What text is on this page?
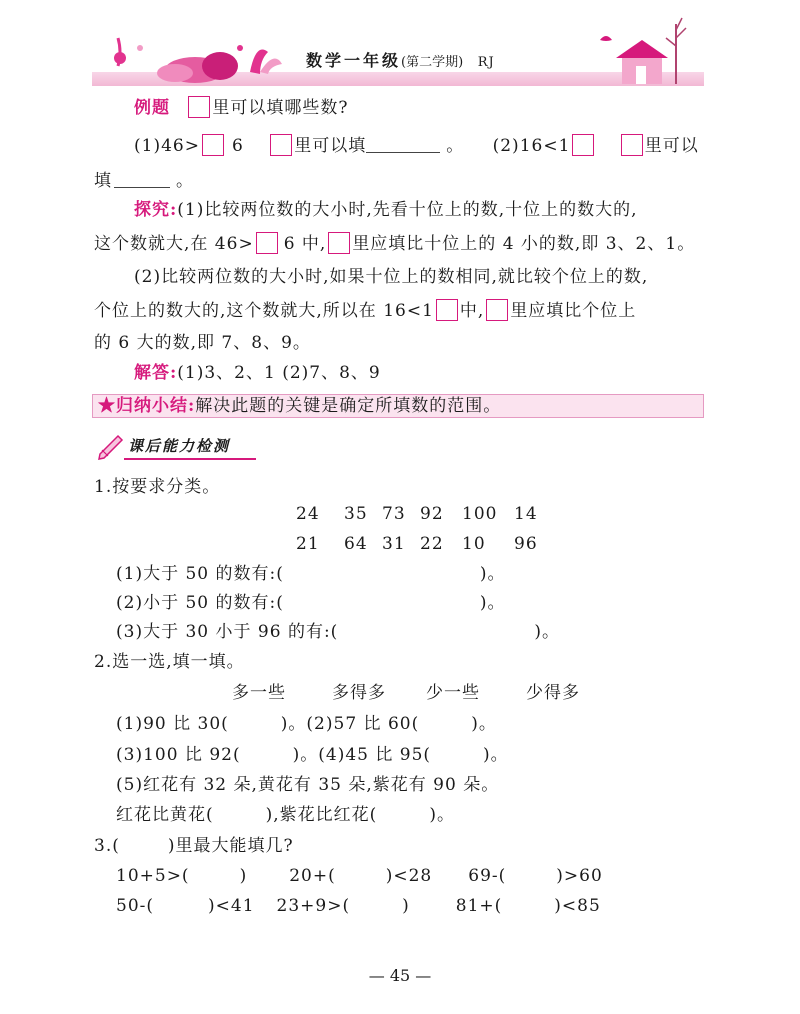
数学一年级(第二学期) RJ
例题 里可以填哪些数?
(1)46> 6	里可以填	。 (2)16<1	里可以
填	。
探究:(1)比较两位数的大小时,先看十位上的数,十位上的数大的,
这个数就大,在 46> 6 中, 里应填比十位上的 4 小的数,即 3、2、1。
(2)比较两位数的大小时,如果十位上的数相同,就比较个位上的数,
个位上的数大的,这个数就大,所以在 16<1 中, 里应填比个位上
的 6 大的数,即 7、8、9。
解答:(1)3、2、1 (2)7、8、9
★归纳小结:解决此题的关键是确定所填数的范围。
课后能力检测
1.按要求分类。
24 35 73 92 100 14
21 64 31 22 10 96
(1)大于 50 的数有:(	)。
(2)小于 50 的数有:(	)。
(3)大于 30 小于 96 的有:(	)。
2.选一选,填一填。
多一些	多得多 少一些	少得多
(1)90 比 30(	)。(2)57 比 60(	)。
(3)100 比 92(	)。(4)45 比 95(	)。
(5)红花有 32 朵,黄花有 35 朵,紫花有 90 朵。
红花比黄花(	),紫花比红花(	)。
3.(	)里最大能填几?
10+5>(	) 20+(	)<28 69-(	)>60
50-(	)<41 23+9>(	)	81+(	)<85
— 45 —
